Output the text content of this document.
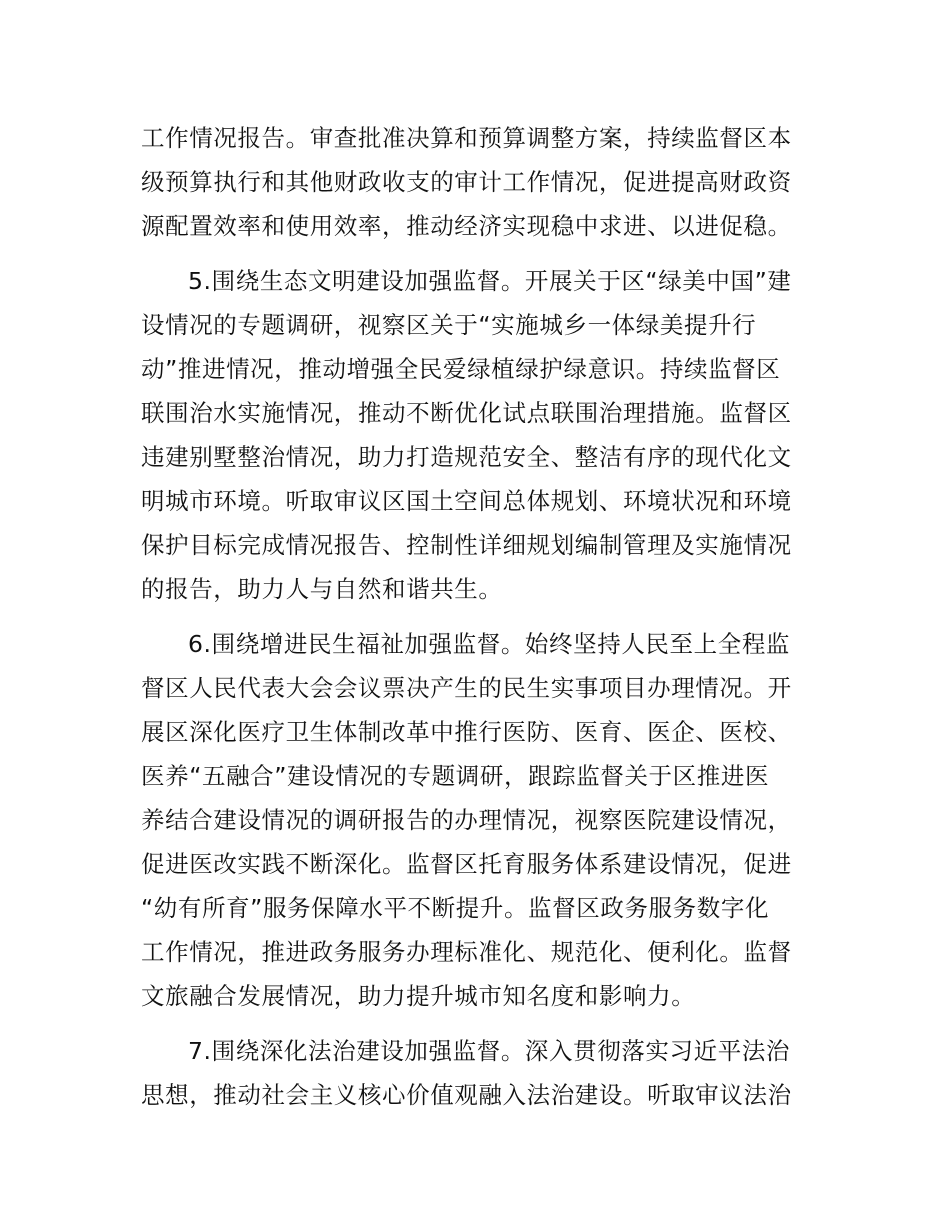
工作情况报告。审查批准决算和预算调整方案，持续监督区本
级预算执行和其他财政收支的审计工作情况，促进提高财政资
源配置效率和使用效率，推动经济实现稳中求进、以进促稳。
5.围绕生态文明建设加强监督。开展关于区“绿美中国”建
设情况的专题调研，视察区关于“实施城乡一体绿美提升行
动”推进情况，推动增强全民爱绿植绿护绿意识。持续监督区
联围治水实施情况，推动不断优化试点联围治理措施。监督区
违建别墅整治情况，助力打造规范安全、整洁有序的现代化文
明城市环境。听取审议区国土空间总体规划、环境状况和环境
保护目标完成情况报告、控制性详细规划编制管理及实施情况
的报告，助力人与自然和谐共生。
6.围绕增进民生福祉加强监督。始终坚持人民至上全程监
督区人民代表大会会议票决产生的民生实事项目办理情况。开
展区深化医疗卫生体制改革中推行医防、医育、医企、医校、
医养“五融合”建设情况的专题调研，跟踪监督关于区推进医
养结合建设情况的调研报告的办理情况，视察医院建设情况，
促进医改实践不断深化。监督区托育服务体系建设情况，促进
“幼有所育”服务保障水平不断提升。监督区政务服务数字化
工作情况，推进政务服务办理标准化、规范化、便利化。监督
文旅融合发展情况，助力提升城市知名度和影响力。
7.围绕深化法治建设加强监督。深入贯彻落实习近平法治
思想，推动社会主义核心价值观融入法治建设。听取审议法治
